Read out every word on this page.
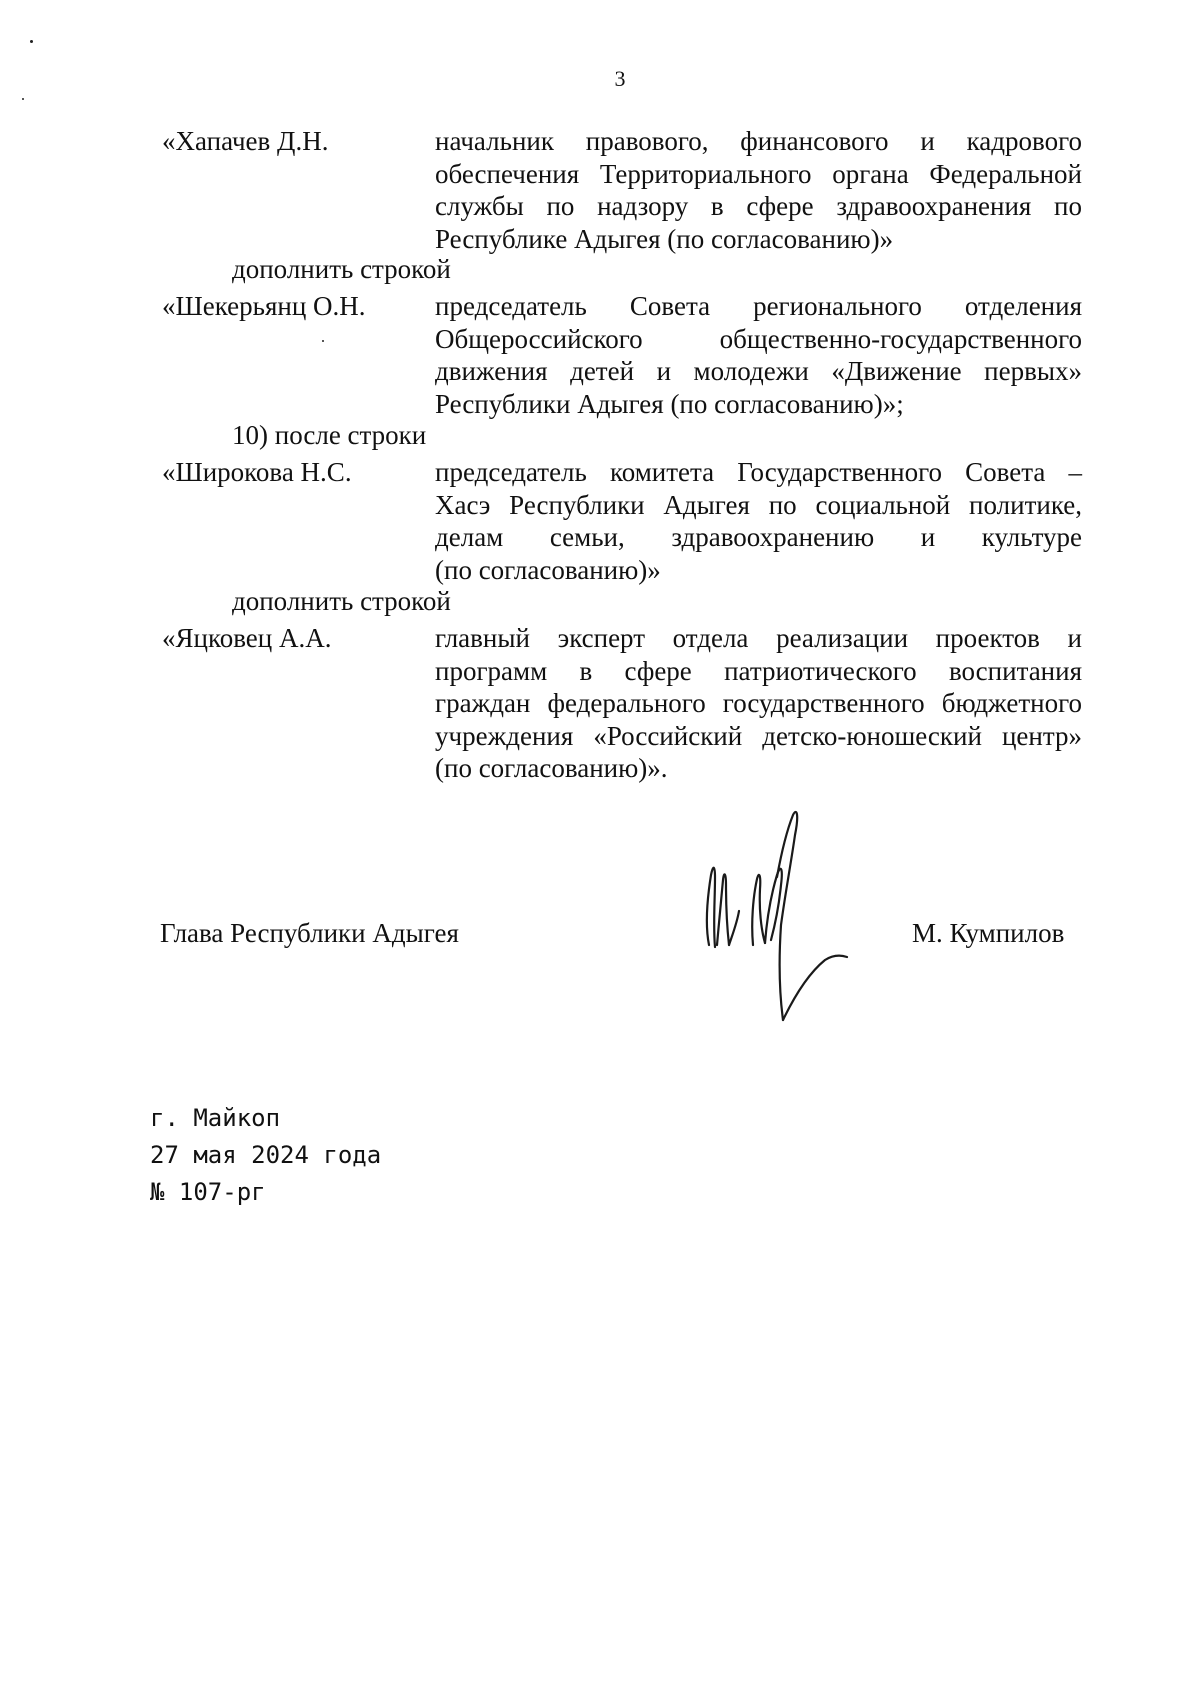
3
«Хапачев Д.Н.	начальник правового, финансового и кадрового
обеспечения Территориального органа Федеральной
службы по надзору в сфере здравоохранения по
Республике Адыгея (по согласованию)»
дополнить строкой
«Шекерьянц О.Н.	председатель Совета регионального отделения
Общероссийского общественно-государственного
движения детей и молодежи «Движение первых»
Республики Адыгея (по согласованию)»;
10) после строки
«Широкова Н.С.	председатель комитета Государственного Совета –
Хасэ Республики Адыгея по социальной политике,
делам семьи, здравоохранению и культуре
(по согласованию)»
дополнить строкой
«Яцковец А.А.	главный эксперт отдела реализации проектов и
программ в сфере патриотического воспитания
граждан федерального государственного бюджетного
учреждения «Российский детско-юношеский центр»
(по согласованию)».
Глава Республики Адыгея	М. Кумпилов
г. Майкоп
27 мая 2024 года
№ 107-рг
